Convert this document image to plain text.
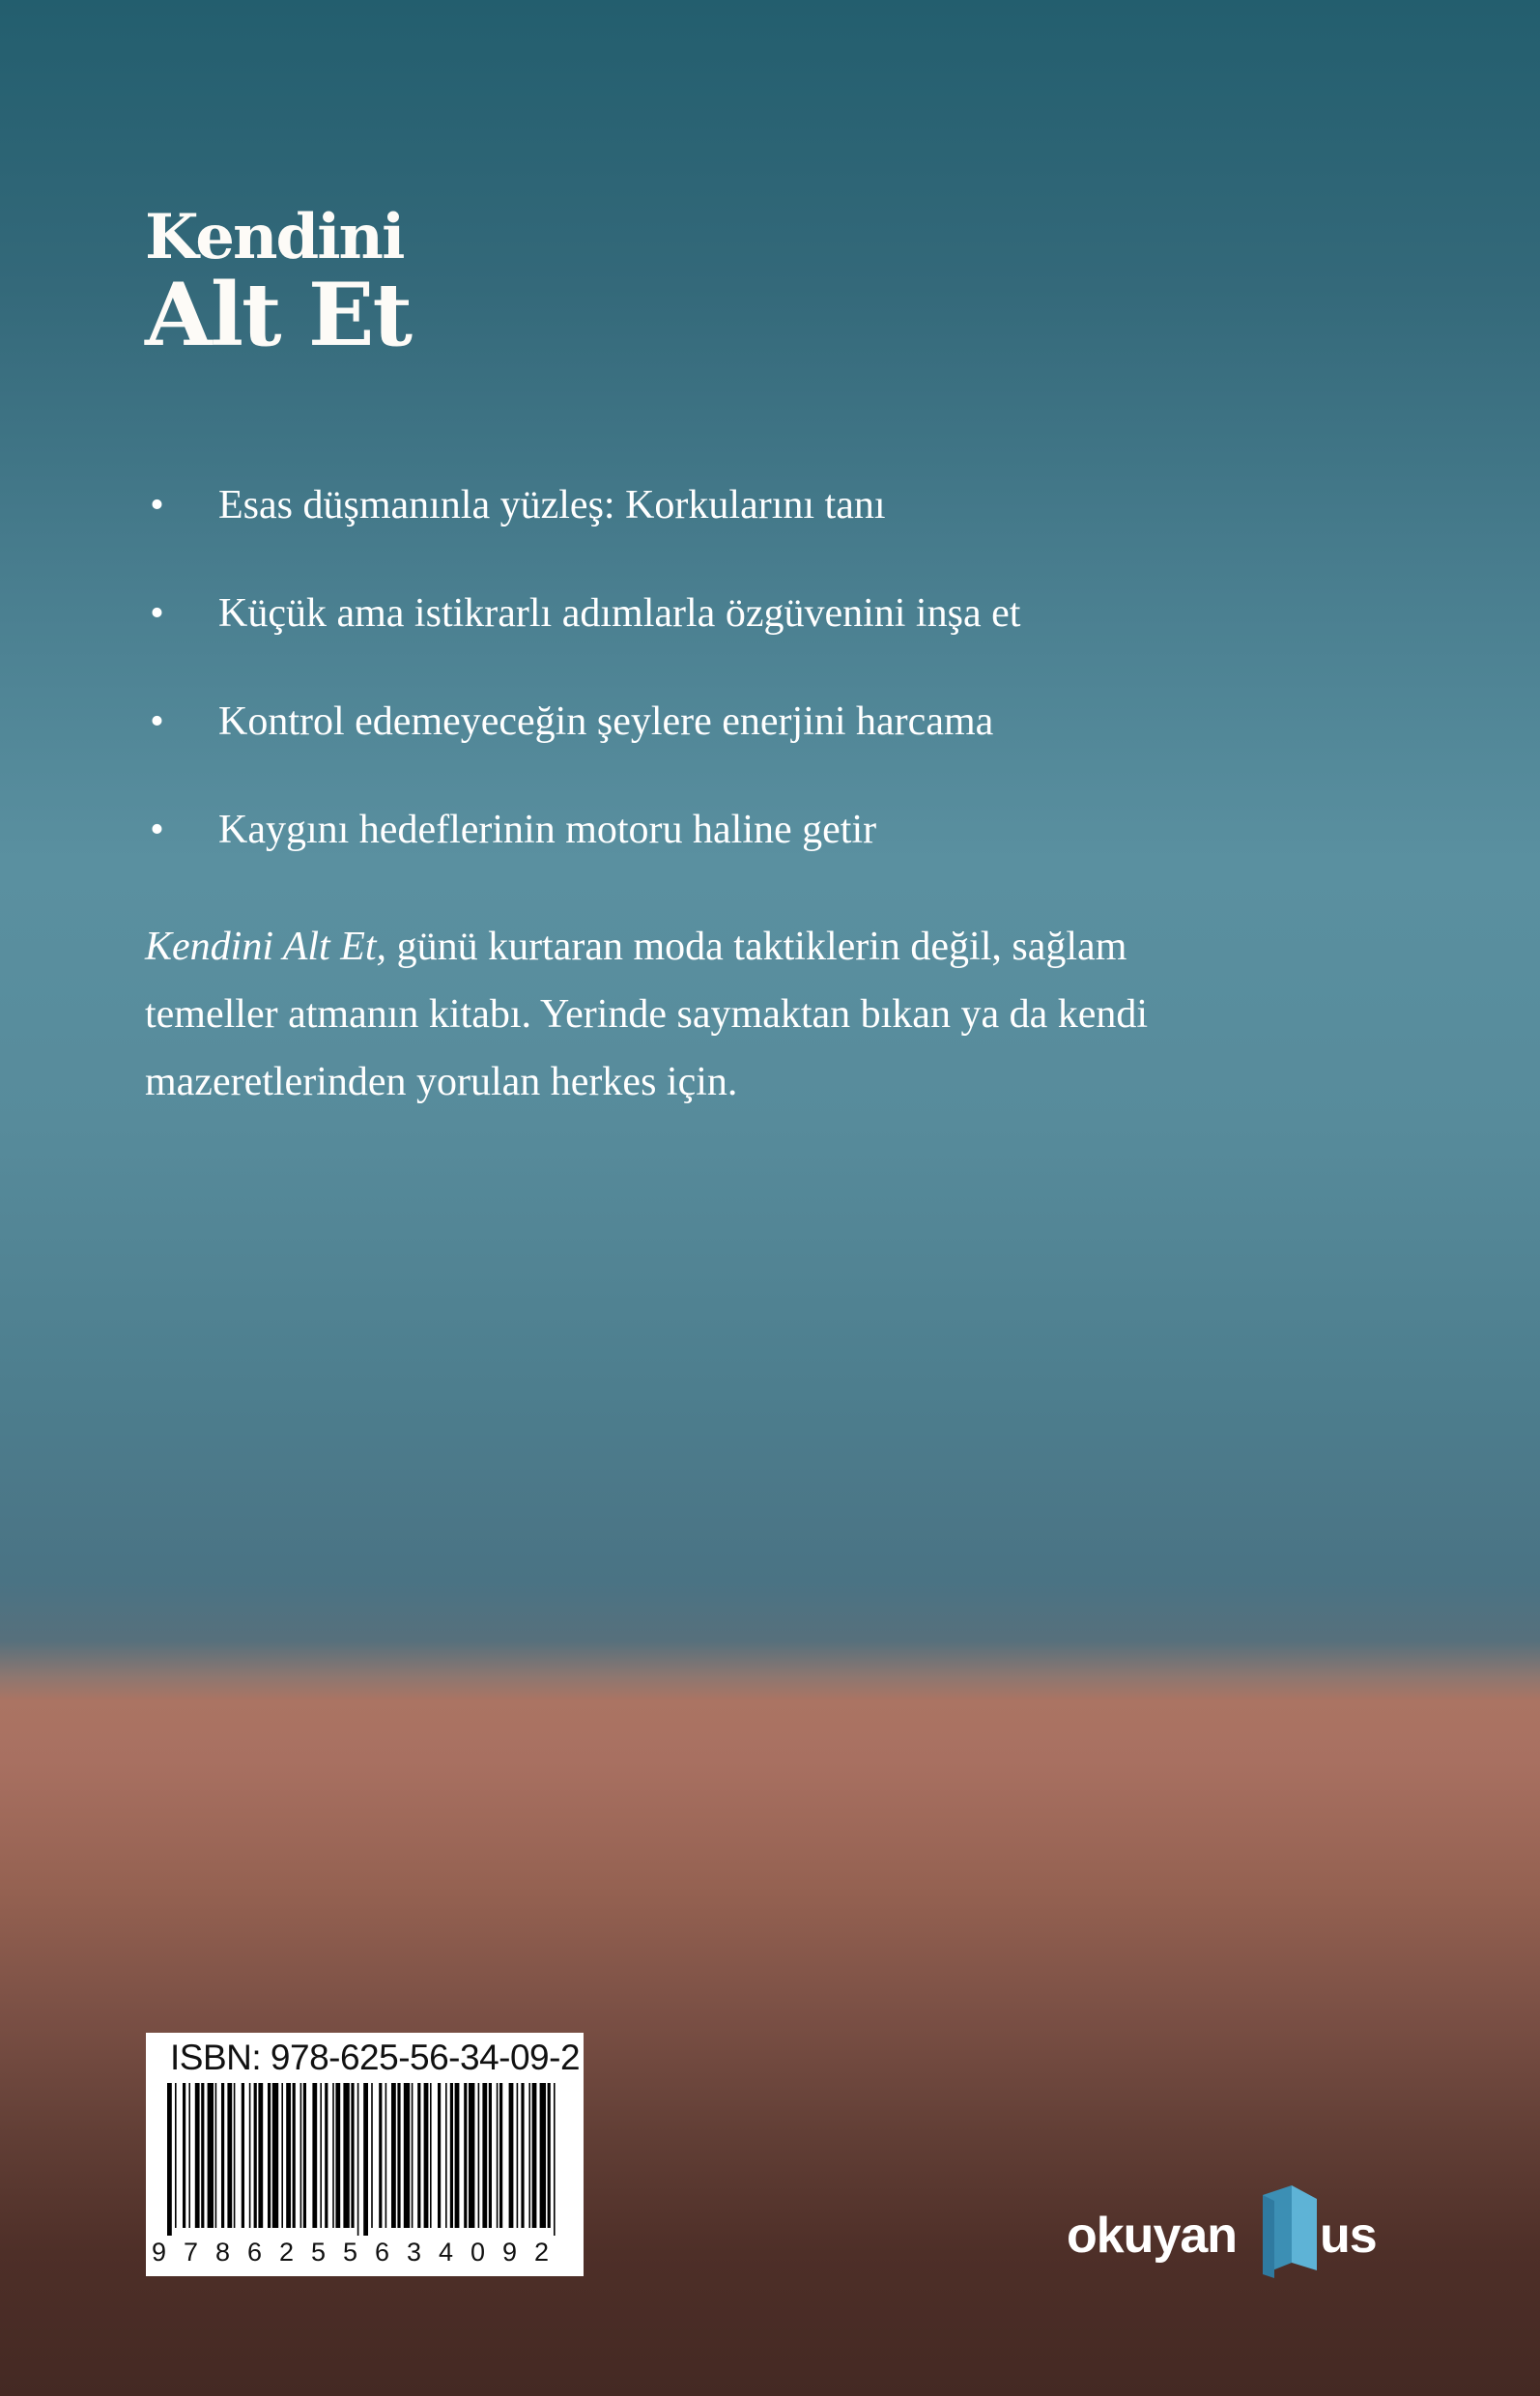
Kendini
Alt Et
• Esas düşmanınla yüzleş: Korkularını tanı
• Küçük ama istikrarlı adımlarla özgüvenini inşa et
• Kontrol edemeyeceğin şeylere enerjini harcama
• Kaygını hedeflerinin motoru haline getir

Kendini Alt Et, günü kurtaran moda taktiklerin değil, sağlam
temeller atmanın kitabı. Yerinde saymaktan bıkan ya da kendi
mazeretlerinden yorulan herkes için.

ISBN: 978-625-56-34-09-2
9 7 8 6 2 5 5 6 3 4 0 9 2	okuyan us
